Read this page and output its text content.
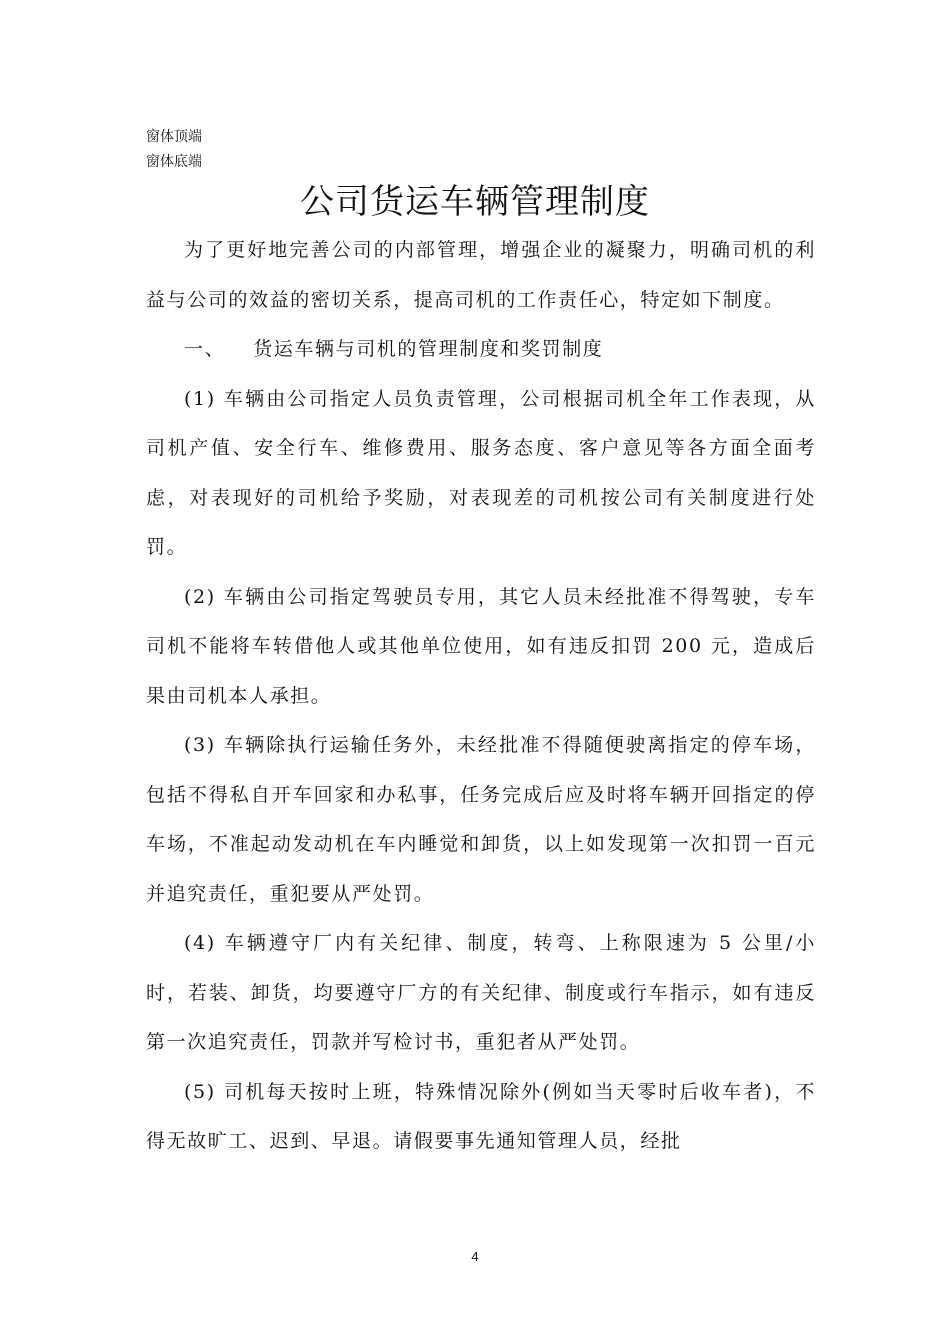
窗体顶端
窗体底端
公司货运车辆管理制度

为了更好地完善公司的内部管理，增强企业的凝聚力，明确司机的利益与公司的效益的密切关系，提高司机的工作责任心，特定如下制度。

一、 货运车辆与司机的管理制度和奖罚制度

(1) 车辆由公司指定人员负责管理，公司根据司机全年工作表现，从司机产值、安全行车、维修费用、服务态度、客户意见等各方面全面考虑，对表现好的司机给予奖励，对表现差的司机按公司有关制度进行处罚。

(2) 车辆由公司指定驾驶员专用，其它人员未经批准不得驾驶，专车司机不能将车转借他人或其他单位使用，如有违反扣罚 200 元，造成后果由司机本人承担。

(3) 车辆除执行运输任务外，未经批准不得随便驶离指定的停车场，包括不得私自开车回家和办私事，任务完成后应及时将车辆开回指定的停车场，不准起动发动机在车内睡觉和卸货，以上如发现第一次扣罚一百元并追究责任，重犯要从严处罚。

(4) 车辆遵守厂内有关纪律、制度，转弯、上称限速为 5 公里/小时，若装、卸货，均要遵守厂方的有关纪律、制度或行车指示，如有违反第一次追究责任，罚款并写检讨书，重犯者从严处罚。

(5) 司机每天按时上班，特殊情况除外(例如当天零时后收车者)，不得无故旷工、迟到、早退。请假要事先通知管理人员，经批

4
